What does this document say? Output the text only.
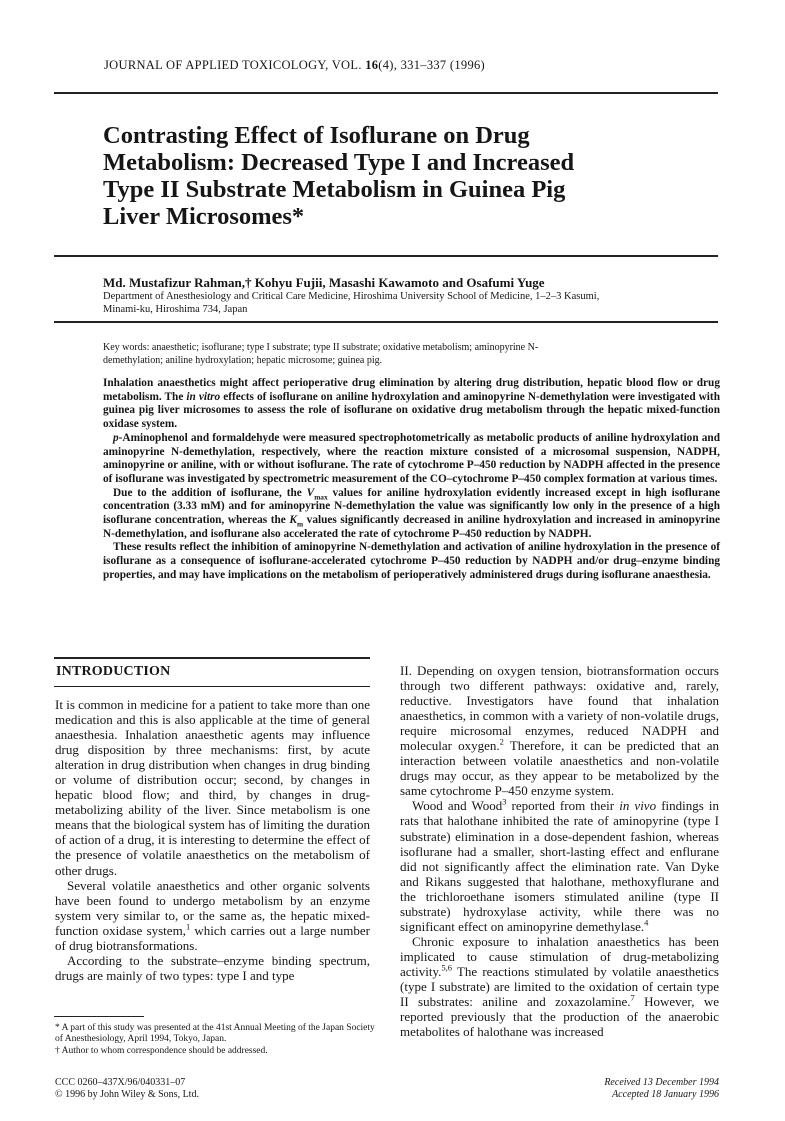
JOURNAL OF APPLIED TOXICOLOGY, VOL. 16(4), 331–337 (1996)
Contrasting Effect of Isoflurane on Drug
Metabolism: Decreased Type I and Increased
Type II Substrate Metabolism in Guinea Pig
Liver Microsomes*
Md. Mustafizur Rahman,† Kohyu Fujii, Masashi Kawamoto and Osafumi Yuge
Department of Anesthesiology and Critical Care Medicine, Hiroshima University School of Medicine, 1–2–3 Kasumi,
Minami-ku, Hiroshima 734, Japan
Key words: anaesthetic; isoflurane; type I substrate; type II substrate; oxidative metabolism; aminopyrine N-
demethylation; aniline hydroxylation; hepatic microsome; guinea pig.

Inhalation anaesthetics might affect perioperative drug elimination by altering drug distribution, hepatic blood flow or drug metabolism. The in vitro effects of isoflurane on aniline hydroxylation and aminopyrine N-demethylation were investigated with guinea pig liver microsomes to assess the role of isoflurane on oxidative drug metabolism through the hepatic mixed-function oxidase system.

p-Aminophenol and formaldehyde were measured spectrophotometrically as metabolic products of aniline hydroxylation and aminopyrine N-demethylation, respectively, where the reaction mixture consisted of a microsomal suspension, NADPH, aminopyrine or aniline, with or without isoflurane. The rate of cytochrome P–450 reduction by NADPH affected in the presence of isoflurane was investigated by spectrometric measurement of the CO–cytochrome P–450 complex formation at various times.

Due to the addition of isoflurane, the $V_{max}$ values for aniline hydroxylation evidently increased except in high isoflurane concentration (3.33 mM) and for aminopyrine N-demethylation the value was significantly low only in the presence of a high isoflurane concentration, whereas the $K_m$ values significantly decreased in aniline hydroxylation and increased in aminopyrine N-demethylation, and isoflurane also accelerated the rate of cytochrome P–450 reduction by NADPH.

These results reflect the inhibition of aminopyrine N-demethylation and activation of aniline hydroxylation in the presence of isoflurane as a consequence of isoflurane-accelerated cytochrome P–450 reduction by NADPH and/or drug–enzyme binding properties, and may have implications on the metabolism of perioperatively administered drugs during isoflurane anaesthesia.

INTRODUCTION

It is common in medicine for a patient to take more than one medication and this is also applicable at the time of general anaesthesia. Inhalation anaesthetic agents may influence drug disposition by three mechanisms: first, by acute alteration in drug distribution when changes in drug binding or volume of distribution occur; second, by changes in hepatic blood flow; and third, by changes in drug-metabolizing ability of the liver. Since metabolism is one means that the biological system has of limiting the duration of action of a drug, it is interesting to determine the effect of the presence of volatile anaesthetics on the metabolism of other drugs.

Several volatile anaesthetics and other organic solvents have been found to undergo metabolism by an enzyme system very similar to, or the same as, the hepatic mixed-function oxidase system,$^1$ which carries out a large number of drug biotransformations.

According to the substrate–enzyme binding spectrum, drugs are mainly of two types: type I and type

II. Depending on oxygen tension, biotransformation occurs through two different pathways: oxidative and, rarely, reductive. Investigators have found that inhalation anaesthetics, in common with a variety of non-volatile drugs, require microsomal enzymes, reduced NADPH and molecular oxygen.$^2$ Therefore, it can be predicted that an interaction between volatile anaesthetics and non-volatile drugs may occur, as they appear to be metabolized by the same cytochrome P–450 enzyme system.

Wood and Wood$^3$ reported from their in vivo findings in rats that halothane inhibited the rate of aminopyrine (type I substrate) elimination in a dose-dependent fashion, whereas isoflurane had a smaller, short-lasting effect and enflurane did not significantly affect the elimination rate. Van Dyke and Rikans suggested that halothane, methoxyflurane and the trichloroethane isomers stimulated aniline (type II substrate) hydroxylase activity, while there was no significant effect on aminopyrine demethylase.$^4$

Chronic exposure to inhalation anaesthetics has been implicated to cause stimulation of drug-metabolizing activity.$^{5,6}$ The reactions stimulated by volatile anaesthetics (type I substrate) are limited to the oxidation of certain type II substrates: aniline and zoxazolamine.$^7$ However, we reported previously that the production of the anaerobic metabolites of halothane was increased

* A part of this study was presented at the 41st Annual Meeting of the Japan Society of Anesthesiology, April 1994, Tokyo, Japan.

† Author to whom correspondence should be addressed.

CCC 0260–437X/96/040331–07
© 1996 by John Wiley & Sons, Ltd.
Received 13 December 1994
Accepted 18 January 1996
